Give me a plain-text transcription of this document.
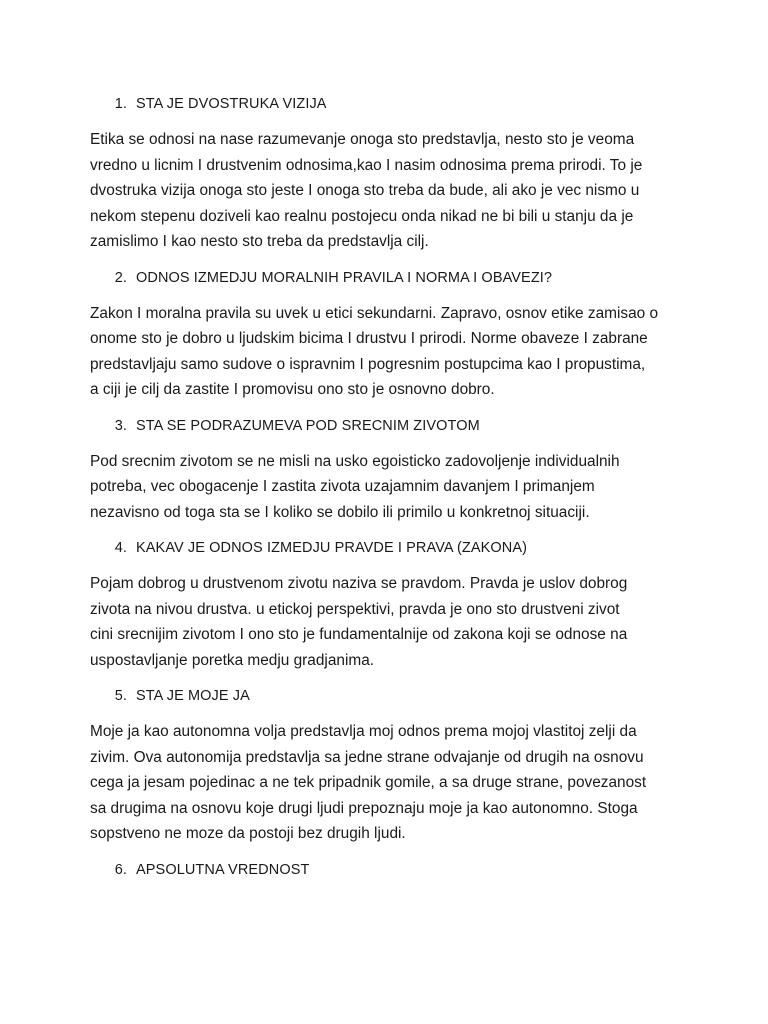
1. STA JE DVOSTRUKA VIZIJA
Etika se odnosi na nase razumevanje onoga sto predstavlja, nesto sto je veoma
vredno u licnim I drustvenim odnosima,kao I nasim odnosima prema prirodi. To je
dvostruka vizija onoga sto jeste I onoga sto treba da bude, ali ako je vec nismo u
nekom stepenu doziveli kao realnu postojecu onda nikad ne bi bili u stanju da je
zamislimo I kao nesto sto treba da predstavlja cilj.
2. ODNOS IZMEDJU MORALNIH PRAVILA I NORMA I OBAVEZI?
Zakon I moralna pravila su uvek u etici sekundarni. Zapravo, osnov etike zamisao o
onome sto je dobro u ljudskim bicima I drustvu I prirodi. Norme obaveze I zabrane
predstavljaju samo sudove o ispravnim I pogresnim postupcima kao I propustima,
a ciji je cilj da zastite I promovisu ono sto je osnovno dobro.
3. STA SE PODRAZUMEVA POD SRECNIM ZIVOTOM
Pod srecnim zivotom se ne misli na usko egoisticko zadovoljenje individualnih
potreba, vec obogacenje I zastita zivota uzajamnim davanjem I primanjem
nezavisno od toga sta se I koliko se dobilo ili primilo u konkretnoj situaciji.
4. KAKAV JE ODNOS IZMEDJU PRAVDE I PRAVA (ZAKONA)
Pojam dobrog u drustvenom zivotu naziva se pravdom. Pravda je uslov dobrog
zivota na nivou drustva. u etickoj perspektivi, pravda je ono sto drustveni zivot
cini srecnijim zivotom I ono sto je fundamentalnije od zakona koji se odnose na
uspostavljanje poretka medju gradjanima.
5. STA JE MOJE JA
Moje ja kao autonomna volja predstavlja moj odnos prema mojoj vlastitoj zelji da
zivim. Ova autonomija predstavlja sa jedne strane odvajanje od drugih na osnovu
cega ja jesam pojedinac a ne tek pripadnik gomile, a sa druge strane, povezanost
sa drugima na osnovu koje drugi ljudi prepoznaju moje ja kao autonomno. Stoga
sopstveno ne moze da postoji bez drugih ljudi.
6. APSOLUTNA VREDNOST
